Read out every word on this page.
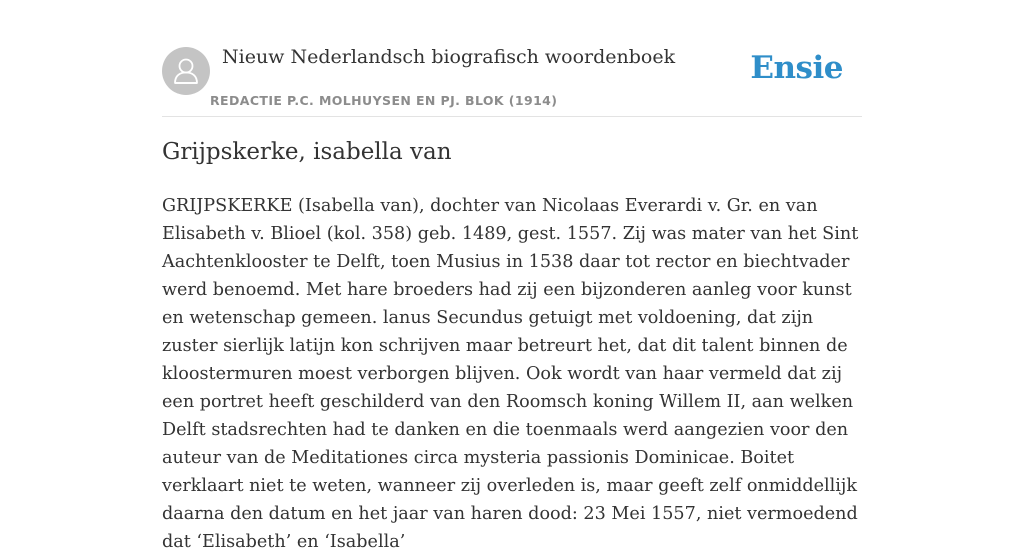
Nieuw Nederlandsch biografisch woordenboek
REDACTIE P.C. MOLHUYSEN EN PJ. BLOK (1914)
Ensie
Grijpskerke, isabella van

GRIJPSKERKE (Isabella van), dochter van Nicolaas Everardi v. Gr. en van Elisabeth v. Blioel (kol. 358) geb. 1489, gest. 1557. Zij was mater van het Sint Aachtenklooster te Delft, toen Musius in 1538 daar tot rector en biechtvader werd benoemd. Met hare broeders had zij een bijzonderen aanleg voor kunst en wetenschap gemeen. lanus Secundus getuigt met voldoening, dat zijn zuster sierlijk latijn kon schrijven maar betreurt het, dat dit talent binnen de kloostermuren moest verborgen blijven. Ook wordt van haar vermeld dat zij een portret heeft geschilderd van den Roomsch koning Willem II, aan welken Delft stadsrechten had te danken en die toenmaals werd aangezien voor den auteur van de Meditationes circa mysteria passionis Dominicae. Boitet verklaart niet te weten, wanneer zij overleden is, maar geeft zelf onmiddellijk daarna den datum en het jaar van haren dood: 23 Mei 1557, niet vermoedend dat ‘Elisabeth’ en ‘Isabella’
